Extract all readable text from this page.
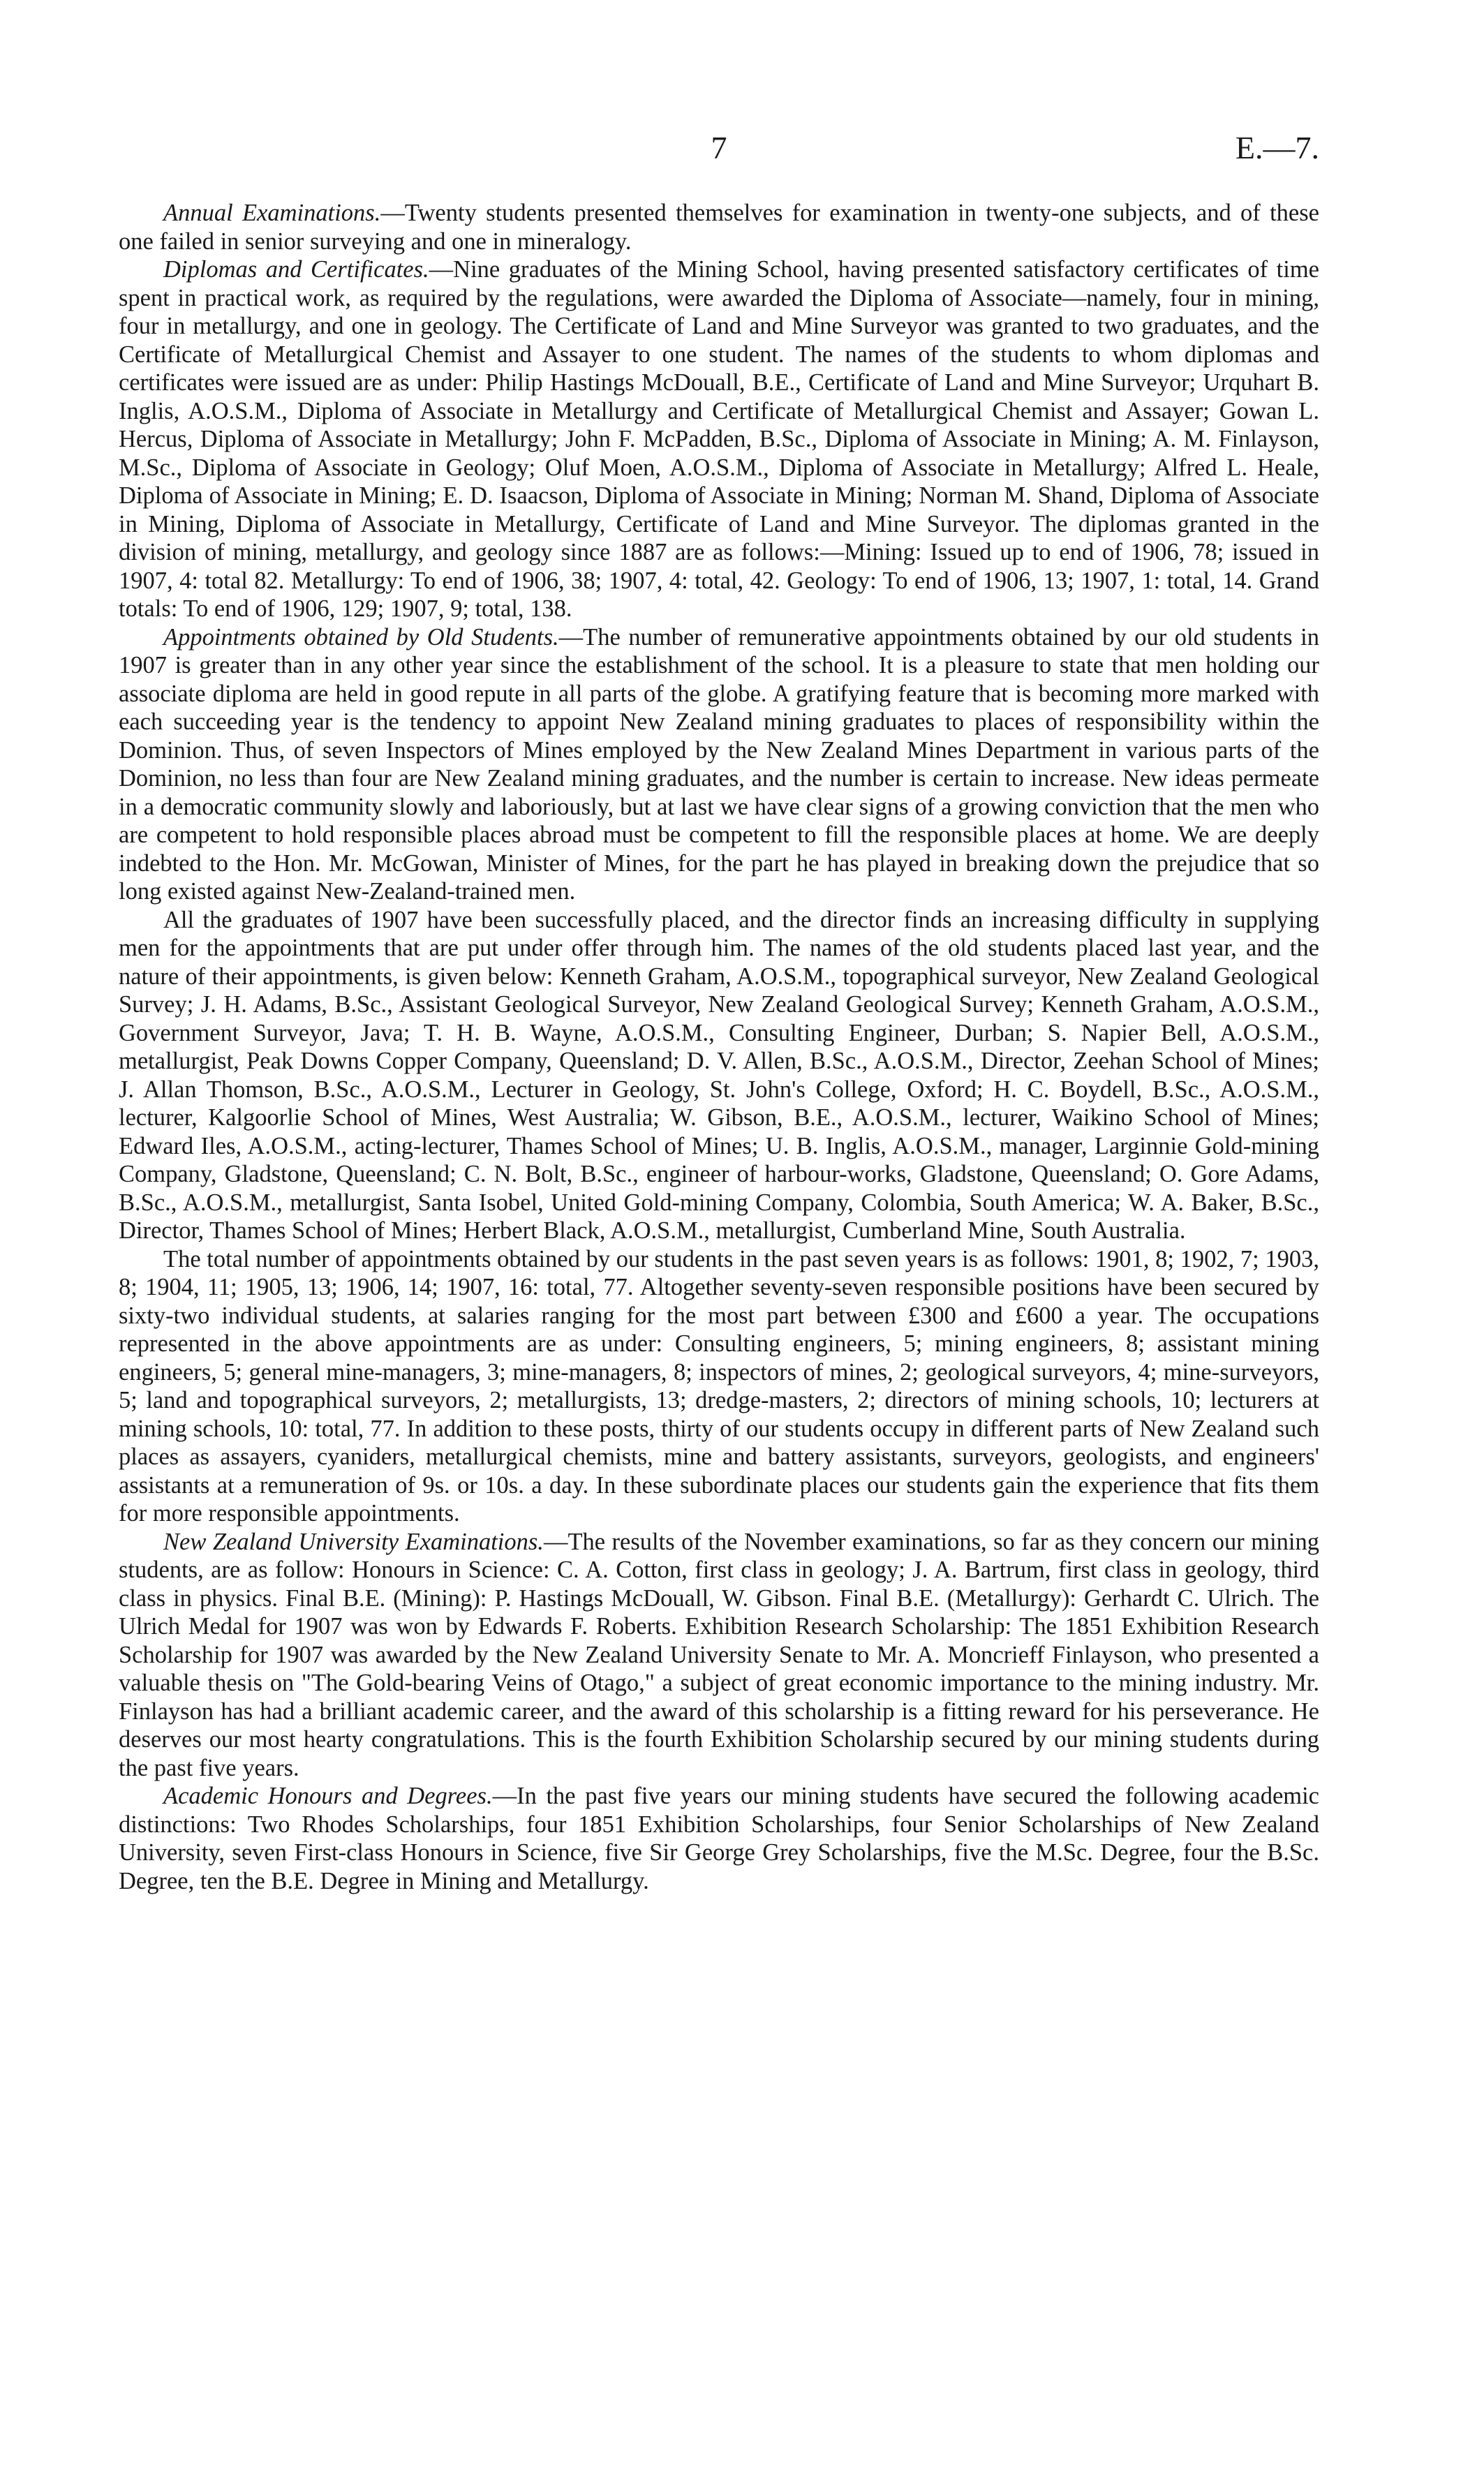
7	E.—7.

Annual Examinations.—Twenty students presented themselves for examination in twenty-one subjects, and of these one failed in senior surveying and one in mineralogy.

Diplomas and Certificates.—Nine graduates of the Mining School, having presented satisfactory certificates of time spent in practical work, as required by the regulations, were awarded the Diploma of Associate—namely, four in mining, four in metallurgy, and one in geology. The Certificate of Land and Mine Surveyor was granted to two graduates, and the Certificate of Metallurgical Chemist and Assayer to one student. The names of the students to whom diplomas and certificates were issued are as under: Philip Hastings McDouall, B.E., Certificate of Land and Mine Surveyor; Urquhart B. Inglis, A.O.S.M., Diploma of Associate in Metallurgy and Certificate of Metallurgical Chemist and Assayer; Gowan L. Hercus, Diploma of Associate in Metallurgy; John F. McPadden, B.Sc., Diploma of Associate in Mining; A. M. Finlayson, M.Sc., Diploma of Associate in Geology; Oluf Moen, A.O.S.M., Diploma of Associate in Metallurgy; Alfred L. Heale, Diploma of Associate in Mining; E. D. Isaacson, Diploma of Associate in Mining; Norman M. Shand, Diploma of Associate in Mining, Diploma of Associate in Metallurgy, Certificate of Land and Mine Surveyor. The diplomas granted in the division of mining, metallurgy, and geology since 1887 are as follows:—Mining: Issued up to end of 1906, 78; issued in 1907, 4: total 82. Metallurgy: To end of 1906, 38; 1907, 4: total, 42. Geology: To end of 1906, 13; 1907, 1: total, 14. Grand totals: To end of 1906, 129; 1907, 9; total, 138.

Appointments obtained by Old Students.—The number of remunerative appointments obtained by our old students in 1907 is greater than in any other year since the establishment of the school. It is a pleasure to state that men holding our associate diploma are held in good repute in all parts of the globe. A gratifying feature that is becoming more marked with each succeeding year is the tendency to appoint New Zealand mining graduates to places of responsibility within the Dominion. Thus, of seven Inspectors of Mines employed by the New Zealand Mines Department in various parts of the Dominion, no less than four are New Zealand mining graduates, and the number is certain to increase. New ideas permeate in a democratic community slowly and laboriously, but at last we have clear signs of a growing conviction that the men who are competent to hold responsible places abroad must be competent to fill the responsible places at home. We are deeply indebted to the Hon. Mr. McGowan, Minister of Mines, for the part he has played in breaking down the prejudice that so long existed against New-Zealand-trained men.

All the graduates of 1907 have been successfully placed, and the director finds an increasing difficulty in supplying men for the appointments that are put under offer through him. The names of the old students placed last year, and the nature of their appointments, is given below: Kenneth Graham, A.O.S.M., topographical surveyor, New Zealand Geological Survey; J. H. Adams, B.Sc., Assistant Geological Surveyor, New Zealand Geological Survey; Kenneth Graham, A.O.S.M., Government Surveyor, Java; T. H. B. Wayne, A.O.S.M., Consulting Engineer, Durban; S. Napier Bell, A.O.S.M., metallurgist, Peak Downs Copper Company, Queensland; D. V. Allen, B.Sc., A.O.S.M., Director, Zeehan School of Mines; J. Allan Thomson, B.Sc., A.O.S.M., Lecturer in Geology, St. John's College, Oxford; H. C. Boydell, B.Sc., A.O.S.M., lecturer, Kalgoorlie School of Mines, West Australia; W. Gibson, B.E., A.O.S.M., lecturer, Waikino School of Mines; Edward Iles, A.O.S.M., acting-lecturer, Thames School of Mines; U. B. Inglis, A.O.S.M., manager, Larginnie Gold-mining Company, Gladstone, Queensland; C. N. Bolt, B.Sc., engineer of harbour-works, Gladstone, Queensland; O. Gore Adams, B.Sc., A.O.S.M., metallurgist, Santa Isobel, United Gold-mining Company, Colombia, South America; W. A. Baker, B.Sc., Director, Thames School of Mines; Herbert Black, A.O.S.M., metallurgist, Cumberland Mine, South Australia.

The total number of appointments obtained by our students in the past seven years is as follows: 1901, 8; 1902, 7; 1903, 8; 1904, 11; 1905, 13; 1906, 14; 1907, 16: total, 77. Altogether seventy-seven responsible positions have been secured by sixty-two individual students, at salaries ranging for the most part between £300 and £600 a year. The occupations represented in the above appointments are as under: Consulting engineers, 5; mining engineers, 8; assistant mining engineers, 5; general mine-managers, 3; mine-managers, 8; inspectors of mines, 2; geological surveyors, 4; mine-surveyors, 5; land and topographical surveyors, 2; metallurgists, 13; dredge-masters, 2; directors of mining schools, 10; lecturers at mining schools, 10: total, 77. In addition to these posts, thirty of our students occupy in different parts of New Zealand such places as assayers, cyaniders, metallurgical chemists, mine and battery assistants, surveyors, geologists, and engineers' assistants at a remuneration of 9s. or 10s. a day. In these subordinate places our students gain the experience that fits them for more responsible appointments.

New Zealand University Examinations.—The results of the November examinations, so far as they concern our mining students, are as follow: Honours in Science: C. A. Cotton, first class in geology; J. A. Bartrum, first class in geology, third class in physics. Final B.E. (Mining): P. Hastings McDouall, W. Gibson. Final B.E. (Metallurgy): Gerhardt C. Ulrich. The Ulrich Medal for 1907 was won by Edwards F. Roberts. Exhibition Research Scholarship: The 1851 Exhibition Research Scholarship for 1907 was awarded by the New Zealand University Senate to Mr. A. Moncrieff Finlayson, who presented a valuable thesis on "The Gold-bearing Veins of Otago," a subject of great economic importance to the mining industry. Mr. Finlayson has had a brilliant academic career, and the award of this scholarship is a fitting reward for his perseverance. He deserves our most hearty congratulations. This is the fourth Exhibition Scholarship secured by our mining students during the past five years.

Academic Honours and Degrees.—In the past five years our mining students have secured the following academic distinctions: Two Rhodes Scholarships, four 1851 Exhibition Scholarships, four Senior Scholarships of New Zealand University, seven First-class Honours in Science, five Sir George Grey Scholarships, five the M.Sc. Degree, four the B.Sc. Degree, ten the B.E. Degree in Mining and Metallurgy.
